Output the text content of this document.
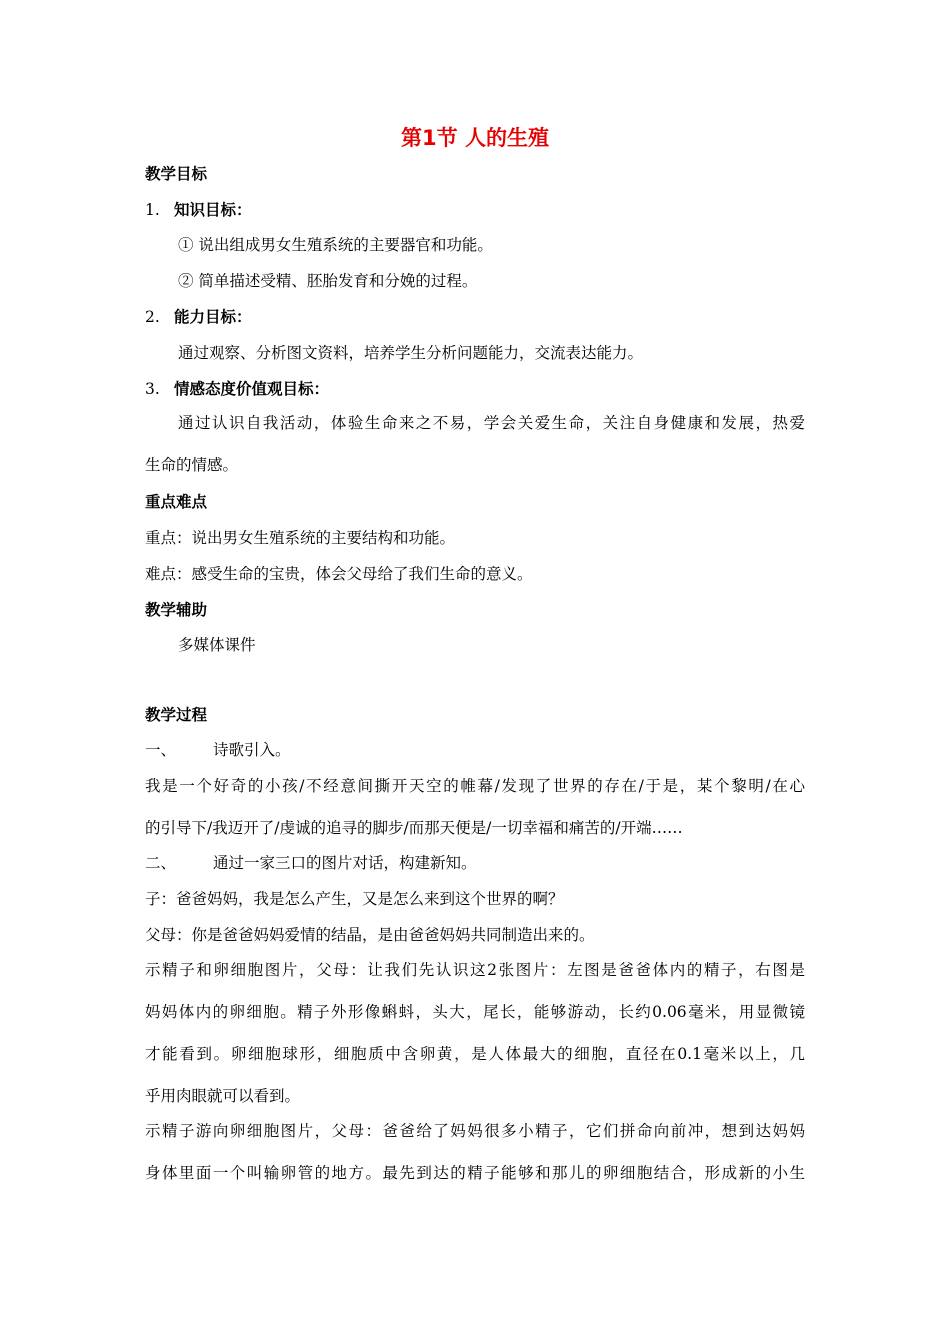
第1节 人的生殖
教学目标
1. 知识目标：
① 说出组成男女生殖系统的主要器官和功能。
② 简单描述受精、胚胎发育和分娩的过程。
2. 能力目标：
通过观察、分析图文资料，培养学生分析问题能力，交流表达能力。
3. 情感态度价值观目标：
通过认识自我活动，体验生命来之不易，学会关爱生命，关注自身健康和发展，热爱
生命的情感。
重点难点
重点：说出男女生殖系统的主要结构和功能。
难点：感受生命的宝贵，体会父母给了我们生命的意义。
教学辅助
多媒体课件
教学过程
一、 诗歌引入。
我是一个好奇的小孩/不经意间撕开天空的帷幕/发现了世界的存在/于是，某个黎明/在心
的引导下/我迈开了/虔诚的追寻的脚步/而那天便是/一切幸福和痛苦的/开端……
二、 通过一家三口的图片对话，构建新知。
子：爸爸妈妈，我是怎么产生，又是怎么来到这个世界的啊？
父母：你是爸爸妈妈爱情的结晶，是由爸爸妈妈共同制造出来的。
示精子和卵细胞图片，父母：让我们先认识这2张图片：左图是爸爸体内的精子，右图是
妈妈体内的卵细胞。精子外形像蝌蚪，头大，尾长，能够游动，长约0.06毫米，用显微镜
才能看到。卵细胞球形，细胞质中含卵黄，是人体最大的细胞，直径在0.1毫米以上，几
乎用肉眼就可以看到。
示精子游向卵细胞图片，父母：爸爸给了妈妈很多小精子，它们拼命向前冲，想到达妈妈
身体里面一个叫输卵管的地方。最先到达的精子能够和那儿的卵细胞结合，形成新的小生
